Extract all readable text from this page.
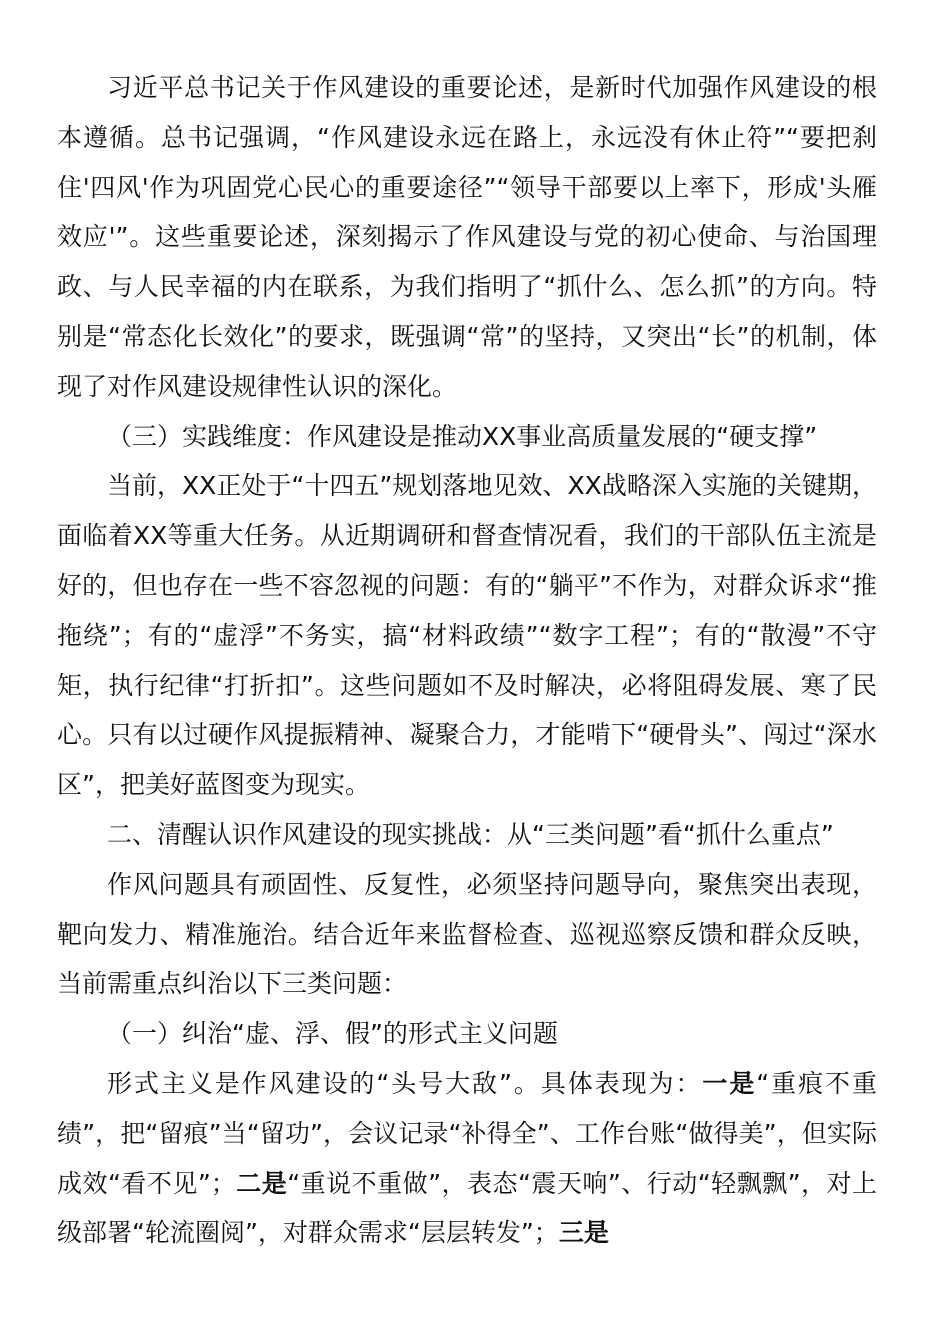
习近平总书记关于作风建设的重要论述，是新时代加强作风建设的根本遵循。总书记强调，“作风建设永远在路上，永远没有休止符”“要把刹住'四风'作为巩固党心民心的重要途径”“领导干部要以上率下，形成'头雁效应'”。这些重要论述，深刻揭示了作风建设与党的初心使命、与治国理政、与人民幸福的内在联系，为我们指明了“抓什么、怎么抓”的方向。特别是“常态化长效化”的要求，既强调“常”的坚持，又突出“长”的机制，体现了对作风建设规律性认识的深化。

（三）实践维度：作风建设是推动XX事业高质量发展的“硬支撑”

当前，XX正处于“十四五”规划落地见效、XX战略深入实施的关键期，面临着XX等重大任务。从近期调研和督查情况看，我们的干部队伍主流是好的，但也存在一些不容忽视的问题：有的“躺平”不作为，对群众诉求“推拖绕”；有的“虚浮”不务实，搞“材料政绩”“数字工程”；有的“散漫”不守矩，执行纪律“打折扣”。这些问题如不及时解决，必将阻碍发展、寒了民心。只有以过硬作风提振精神、凝聚合力，才能啃下“硬骨头”、闯过“深水区”，把美好蓝图变为现实。

二、清醒认识作风建设的现实挑战：从“三类问题”看“抓什么重点”

作风问题具有顽固性、反复性，必须坚持问题导向，聚焦突出表现，靶向发力、精准施治。结合近年来监督检查、巡视巡察反馈和群众反映，当前需重点纠治以下三类问题：

（一）纠治“虚、浮、假”的形式主义问题

形式主义是作风建设的“头号大敌”。具体表现为：一是“重痕不重绩”，把“留痕”当“留功”，会议记录“补得全”、工作台账“做得美”，但实际成效“看不见”；二是“重说不重做”，表态“震天响”、行动“轻飘飘”，对上级部署“轮流圈阅”，对群众需求“层层转发”；三是
